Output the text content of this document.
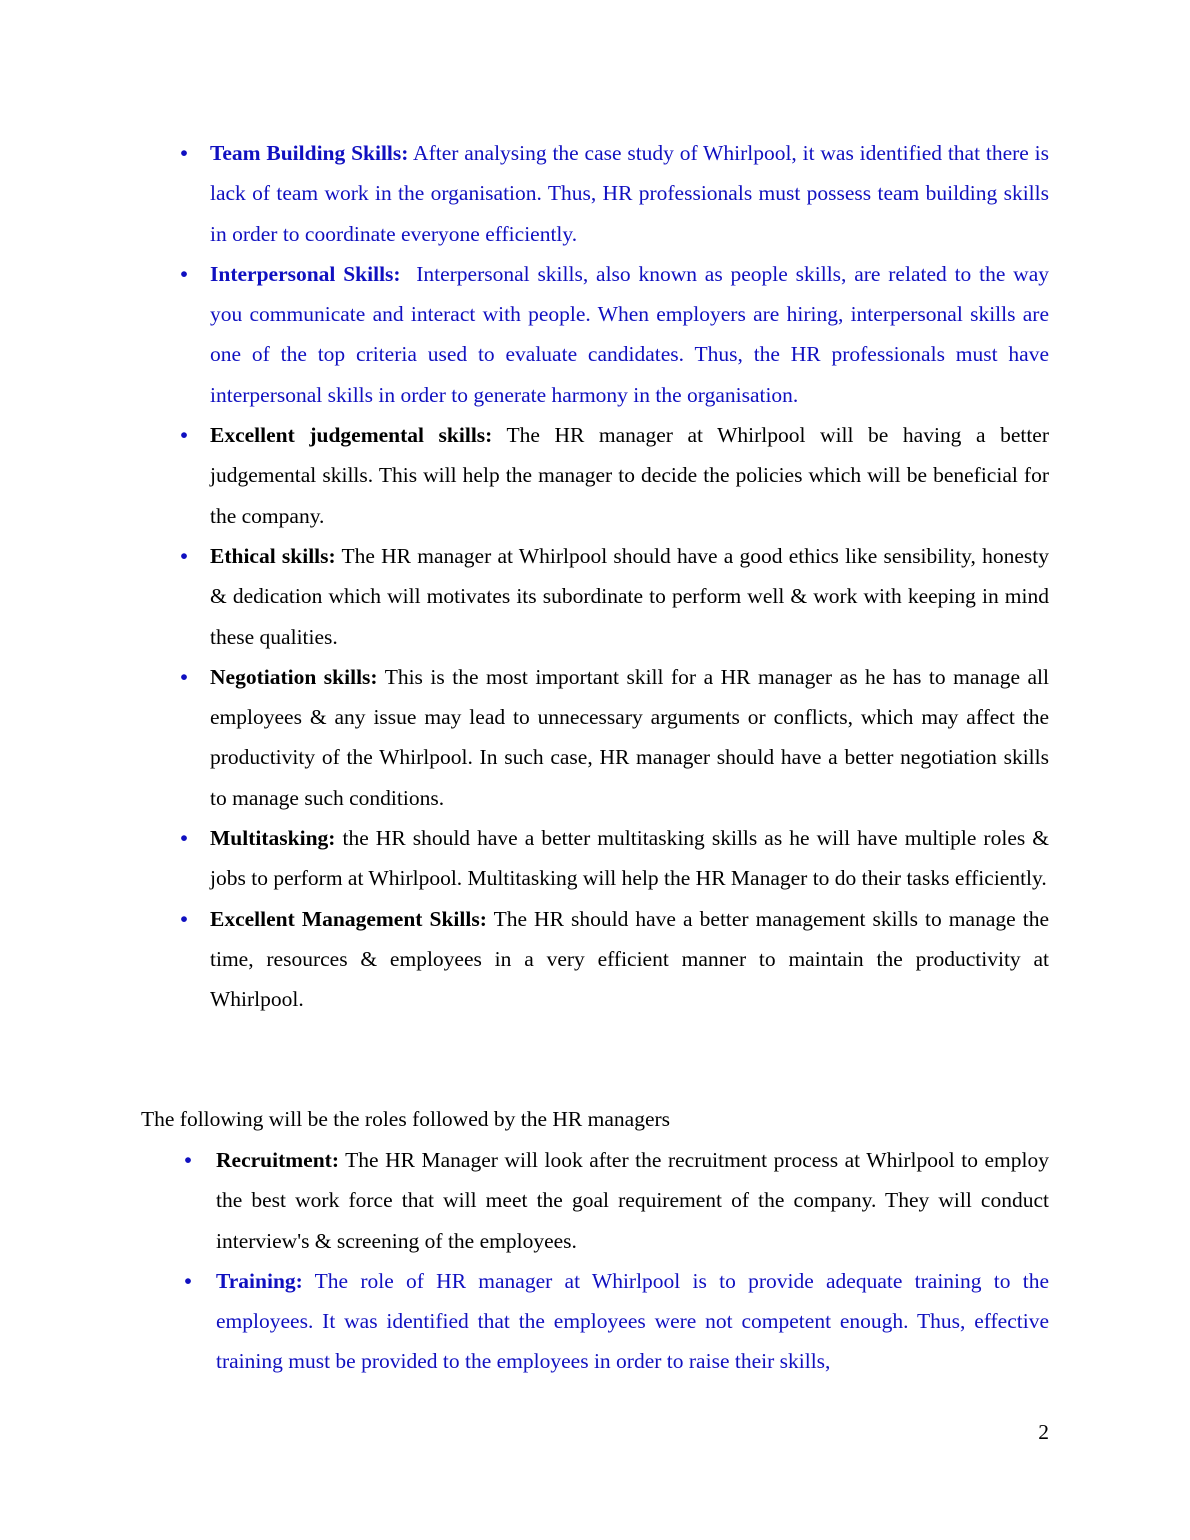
• Team Building Skills: After analysing the case study of Whirlpool, it was identified that there is lack of team work in the organisation. Thus, HR professionals must possess team building skills in order to coordinate everyone efficiently.
• Interpersonal Skills:  Interpersonal skills, also known as people skills, are related to the way you communicate and interact with people. When employers are hiring, interpersonal skills are one of the top criteria used to evaluate candidates. Thus, the HR professionals must have interpersonal skills in order to generate harmony in the organisation.
• Excellent judgemental skills: The HR manager at Whirlpool will be having a better judgemental skills. This will help the manager to decide the policies which will be beneficial for the company.
• Ethical skills: The HR manager at Whirlpool should have a good ethics like sensibility, honesty & dedication which will motivates its subordinate to perform well & work with keeping in mind these qualities.
• Negotiation skills: This is the most important skill for a HR manager as he has to manage all employees & any issue may lead to unnecessary arguments or conflicts, which may affect the productivity of the Whirlpool. In such case, HR manager should have a better negotiation skills to manage such conditions.
• Multitasking: the HR should have a better multitasking skills as he will have multiple roles & jobs to perform at Whirlpool. Multitasking will help the HR Manager to do their tasks efficiently.
• Excellent Management Skills: The HR should have a better management skills to manage the time, resources & employees in a very efficient manner to maintain the productivity at Whirlpool.

The following will be the roles followed by the HR managers

• Recruitment: The HR Manager will look after the recruitment process at Whirlpool to employ the best work force that will meet the goal requirement of the company. They will conduct interview's & screening of the employees.
• Training: The role of HR manager at Whirlpool is to provide adequate training to the employees. It was identified that the employees were not competent enough. Thus, effective training must be provided to the employees in order to raise their skills,

2
